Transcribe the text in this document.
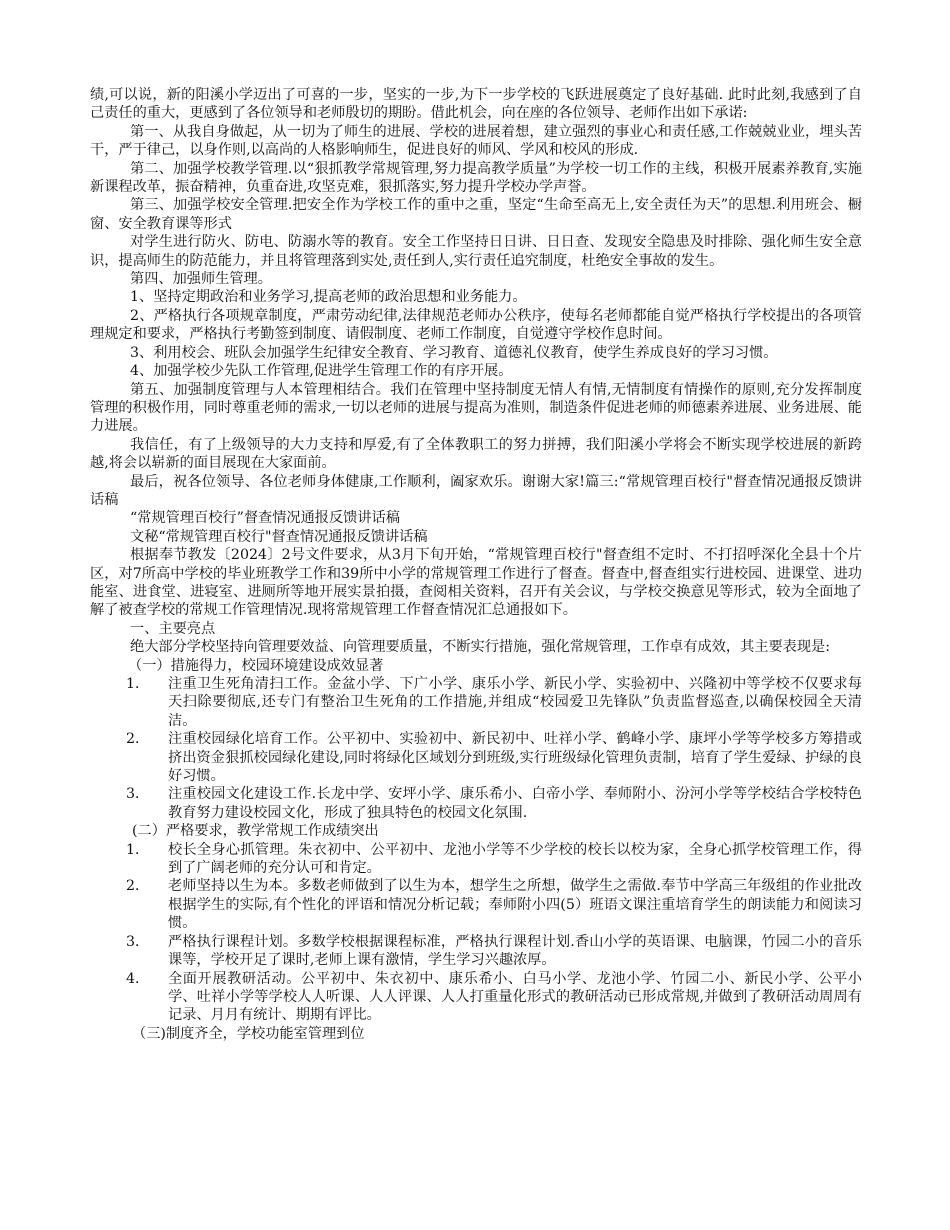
绩,可以说，新的阳溪小学迈出了可喜的一步，坚实的一步,为下一步学校的飞跃进展奠定了良好基础. 此时此刻,我感到了自己责任的重大，更感到了各位领导和老师殷切的期盼。借此机会，向在座的各位领导、老师作出如下承诺:

第一、从我自身做起，从一切为了师生的进展、学校的进展着想，建立强烈的事业心和责任感,工作兢兢业业，埋头苦干，严于律己，以身作则,以高尚的人格影响师生，促进良好的师风、学风和校风的形成.

第二、加强学校教学管理.以“狠抓教学常规管理,努力提高教学质量”为学校一切工作的主线，积极开展素养教育,实施新课程改革，振奋精神，负重奋进,攻坚克难，狠抓落实,努力提升学校办学声誉。

第三、加强学校安全管理.把安全作为学校工作的重中之重，坚定“生命至高无上,安全责任为天”的思想.利用班会、橱窗、安全教育课等形式

对学生进行防火、防电、防溺水等的教育。安全工作坚持日日讲、日日查、发现安全隐患及时排除、强化师生安全意识，提高师生的防范能力，并且将管理落到实处,责任到人,实行责任追究制度，杜绝安全事故的发生。

第四、加强师生管理。

1、坚持定期政治和业务学习,提高老师的政治思想和业务能力。

2、严格执行各项规章制度，严肃劳动纪律,法律规范老师办公秩序，使每名老师都能自觉严格执行学校提出的各项管理规定和要求，严格执行考勤签到制度、请假制度、老师工作制度，自觉遵守学校作息时间。

3、利用校会、班队会加强学生纪律安全教育、学习教育、道德礼仪教育，使学生养成良好的学习习惯。

4、加强学校少先队工作管理,促进学生管理工作的有序开展。

第五、加强制度管理与人本管理相结合。我们在管理中坚持制度无情人有情,无情制度有情操作的原则,充分发挥制度管理的积极作用，同时尊重老师的需求,一切以老师的进展与提高为准则，制造条件促进老师的师德素养进展、业务进展、能力进展。

我信任，有了上级领导的大力支持和厚爱,有了全体教职工的努力拼搏，我们阳溪小学将会不断实现学校进展的新跨越,将会以崭新的面目展现在大家面前。

最后，祝各位领导、各位老师身体健康,工作顺利，阖家欢乐。谢谢大家!篇三:“常规管理百校行"督查情况通报反馈讲话稿

“常规管理百校行”督查情况通报反馈讲话稿

文秘“常规管理百校行"督查情况通报反馈讲话稿

根据奉节教发〔2024〕2号文件要求，从3月下旬开始，“常规管理百校行"督查组不定时、不打招呼深化全县十个片区，对7所高中学校的毕业班教学工作和39所中小学的常规管理工作进行了督查。督查中,督查组实行进校园、进课堂、进功能室、进食堂、进寝室、进厕所等地开展实景拍摄，查阅相关资料，召开有关会议，与学校交换意见等形式，较为全面地了解了被查学校的常规工作管理情况.现将常规管理工作督查情况汇总通报如下。

一、主要亮点

绝大部分学校坚持向管理要效益、向管理要质量，不断实行措施，强化常规管理，工作卓有成效，其主要表现是:

（一）措施得力，校园环境建设成效显著

1．	注重卫生死角清扫工作。金盆小学、下广小学、康乐小学、新民小学、实验初中、兴隆初中等学校不仅要求每天扫除要彻底,还专门有整治卫生死角的工作措施,并组成“校园爱卫先锋队”负责监督巡查,以确保校园全天清洁。
2．	注重校园绿化培育工作。公平初中、实验初中、新民初中、吐祥小学、鹤峰小学、康坪小学等学校多方筹措或挤出资金狠抓校园绿化建设,同时将绿化区域划分到班级,实行班级绿化管理负责制，培育了学生爱绿、护绿的良好习惯。
3．	注重校园文化建设工作.长龙中学、安坪小学、康乐希小、白帝小学、奉师附小、汾河小学等学校结合学校特色教育努力建设校园文化，形成了独具特色的校园文化氛围.

(二）严格要求，教学常规工作成绩突出

1．	校长全身心抓管理。朱衣初中、公平初中、龙池小学等不少学校的校长以校为家，全身心抓学校管理工作，得到了广阔老师的充分认可和肯定。
2．	老师坚持以生为本。多数老师做到了以生为本，想学生之所想，做学生之需做.奉节中学高三年级组的作业批改根据学生的实际,有个性化的评语和情况分析记载；奉师附小四(5）班语文课注重培育学生的朗读能力和阅读习惯。
3．	严格执行课程计划。多数学校根据课程标准，严格执行课程计划.香山小学的英语课、电脑课，竹园二小的音乐课等，学校开足了课时,老师上课有激情，学生学习兴趣浓厚。
4．	全面开展教研活动。公平初中、朱衣初中、康乐希小、白马小学、龙池小学、竹园二小、新民小学、公平小学、吐祥小学等学校人人听课、人人评课、人人打重量化形式的教研活动已形成常规,并做到了教研活动周周有记录、月月有统计、期期有评比。

（三)制度齐全，学校功能室管理到位
